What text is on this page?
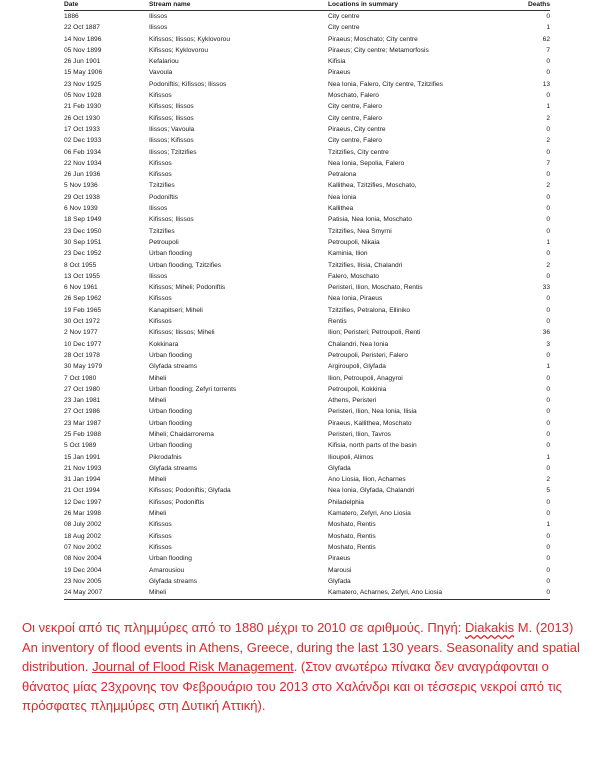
Date	Stream name	Locations in summary	Deaths
1886	Ilissos	City centre	0
22 Oct 1887	Ilissos	City centre	1
14 Nov 1896	Kifissos; Ilissos; Kyklovorou	Piraeus; Moschato; City centre	62
05 Nov 1899	Kifissos; Kyklovorou	Piraeus; City centre; Metamorfosis	7
26 Jun 1901	Kefalariou	Kifisia	0
15 May 1906	Vavoula	Piraeus	0
23 Nov 1925	Podoniftis; Kifissos; Ilissos	Nea Ionia, Falero, City centre, Tzitzifies	13
05 Nov 1928	Kifissos	Moschato, Falero	0
21 Feb 1930	Kifissos; Ilissos	City centre, Falero	1
26 Oct 1930	Kifissos; Ilissos	City centre, Falero	2
17 Oct 1933	Ilissos; Vavoula	Piraeus, City centre	0
02 Dec 1933	Ilissos; Kifissos	City centre, Falero	2
06 Feb 1934	Ilissos; Tzitzifies	Tzitzifies, City centre	0
22 Nov 1934	Kifissos	Nea Ionia, Sepolia, Falero	7
26 Jun 1936	Kifissos	Petralona	0
5 Nov 1936	Tzitzifies	Kallithea, Tzitzifies, Moschato,	2
29 Oct 1938	Podoniftis	Nea Ionia	0
6 Nov 1939	Ilissos	Kallithea	0
18 Sep 1949	Kifissos; Ilissos	Patisia, Nea Ionia, Moschato	0
23 Dec 1950	Tzitzifies	Tzitzifies, Nea Smyrni	0
30 Sep 1951	Petroupoli	Petroupoli, Nikaia	1
23 Dec 1952	Urban flooding	Kaminia, Ilion	0
8 Oct 1955	Urban flooding, Tzitzifies	Tzitzifies, Ilisia, Chalandri	2
13 Oct 1955	Ilissos	Falero, Moschato	0
6 Nov 1961	Kifissos; Miheli; Podoniftis	Peristeri, Ilion, Moschato, Rentis	33
26 Sep 1962	Kifissos	Nea Ionia, Piraeus	0
19 Feb 1965	Kanapitseri; Miheli	Tzitzifies, Petralona, Elliniko	0
30 Oct 1972	Kifissos	Rentis	0
2 Nov 1977	Kifissos; Ilissos; Miheli	Ilion; Peristeri; Petroupoli, Renti	36
10 Dec 1977	Kokkinara	Chalandri, Nea Ionia	3
28 Oct 1978	Urban flooding	Petroupoli, Peristeri, Falero	0
30 May 1979	Glyfada streams	Argiroupoli, Glyfada	1
7 Oct 1980	Miheli	Ilion, Petroupoli, Anagyroi	0
27 Oct 1980	Urban flooding; Zefyri torrents	Petroupoli, Kokkinia	0
23 Jan 1981	Miheli	Athens, Peristeri	0
27 Oct 1986	Urban flooding	Peristeri, Ilion, Nea Ionia, Ilisia	0
23 Mar 1987	Urban flooding	Piraeus, Kallithea, Moschato	0
25 Feb 1988	Miheli; Chaidarrorema	Peristeri, Ilion, Tavros	0
5 Oct 1989	Urban flooding	Kifisia, north parts of the basin	0
15 Jan 1991	Pikrodafnis	Ilioupoli, Alimos	1
21 Nov 1993	Glyfada streams	Glyfada	0
31 Jan 1994	Miheli	Ano Liosia, Ilion, Acharnes	2
21 Oct 1994	Kifissos; Podoniftis; Glyfada	Nea Ionia, Glyfada, Chalandri	5
12 Dec 1997	Kifissos; Podoniftis	Philadelphia	0
26 Mar 1998	Miheli	Kamatero, Zefyri, Ano Liosia	0
08 July 2002	Kifissos	Moshato, Rentis	1
18 Aug 2002	Kifissos	Moshato, Rentis	0
07 Nov 2002	Kifissos	Moshato, Rentis	0
08 Nov 2004	Urban flooding	Piraeus	0
19 Dec 2004	Amarousiou	Marousi	0
23 Nov 2005	Glyfada streams	Glyfada	0
24 May 2007	Miheli	Kamatero, Acharnes, Zefyri, Ano Liosia	0

Οι νεκροί από τις πλημμύρες από το 1880 μέχρι το 2010 σε αριθμούς. Πηγή: Diakakis M. (2013) An inventory of flood events in Athens, Greece, during the last 130 years. Seasonality and spatial distribution. Journal of Flood Risk Management. (Στον ανωτέρω πίνακα δεν αναγράφονται ο θάνατος μίας 23χρονης τον Φεβρουάριο του 2013 στο Χαλάνδρι και οι τέσσερις νεκροί από τις πρόσφατες πλημμύρες στη Δυτική Αττική).
